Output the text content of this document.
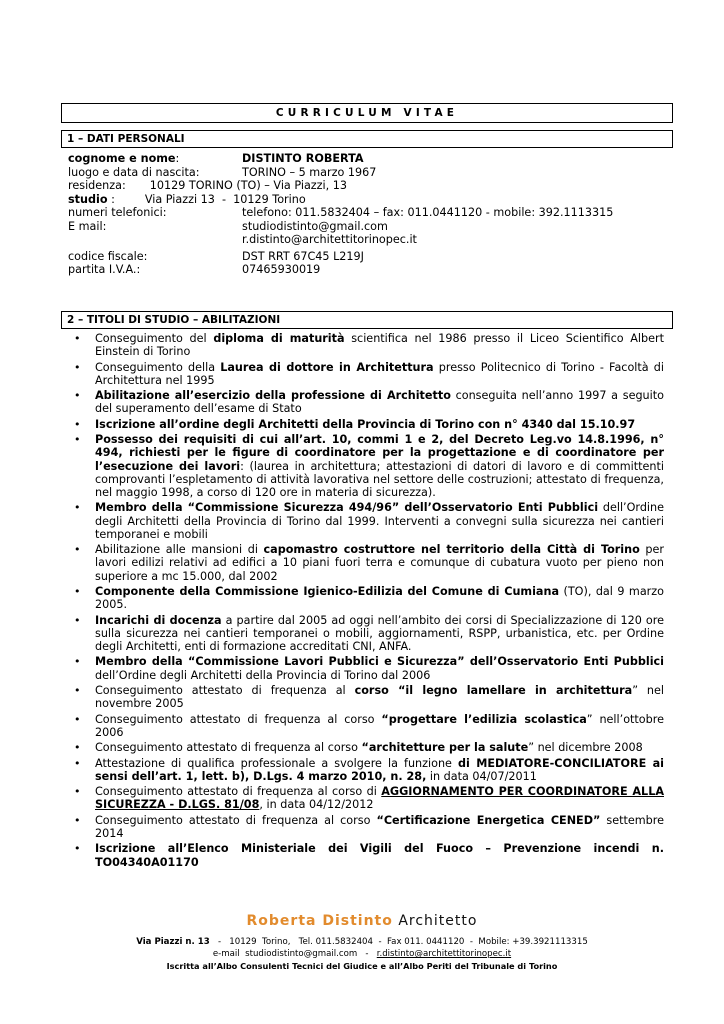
CURRICULUM VITAE
1 – DATI PERSONALI
cognome e nome:	DISTINTO ROBERTA
luogo e data di nascita:	TORINO – 5 marzo 1967
residenza: 10129 TORINO (TO) – Via Piazzi, 13
studio :	Via Piazzi 13  -  10129 Torino
numeri telefonici:	telefono: 011.5832404 – fax: 011.0441120 - mobile: 392.1113315
E mail:	studiodistinto@gmail.com
r.distinto@architettitorinopec.it
codice fiscale:	DST RRT 67C45 L219J
partita I.V.A.:	07465930019
2 – TITOLI DI STUDIO – ABILITAZIONI
• Conseguimento del diploma di maturità scientifica nel 1986 presso il Liceo Scientifico Albert Einstein di Torino
• Conseguimento della Laurea di dottore in Architettura presso Politecnico di Torino - Facoltà di Architettura nel 1995
• Abilitazione all’esercizio della professione di Architetto conseguita nell’anno 1997 a seguito del superamento dell’esame di Stato
• Iscrizione all’ordine degli Architetti della Provincia di Torino con n° 4340 dal 15.10.97
• Possesso dei requisiti di cui all’art. 10, commi 1 e 2, del Decreto Leg.vo 14.8.1996, n° 494, richiesti per le figure di coordinatore per la progettazione e di coordinatore per l’esecuzione dei lavori: (laurea in architettura; attestazioni di datori di lavoro e di committenti comprovanti l’espletamento di attività lavorativa nel settore delle costruzioni; attestato di frequenza, nel maggio 1998, a corso di 120 ore in materia di sicurezza).
• Membro della “Commissione Sicurezza 494/96” dell’Osservatorio Enti Pubblici dell’Ordine degli Architetti della Provincia di Torino dal 1999. Interventi a convegni sulla sicurezza nei cantieri temporanei e mobili
• Abilitazione alle mansioni di capomastro costruttore nel territorio della Città di Torino per lavori edilizi relativi ad edifici a 10 piani fuori terra e comunque di cubatura vuoto per pieno non superiore a mc 15.000, dal 2002
• Componente della Commissione Igienico-Edilizia del Comune di Cumiana (TO), dal 9 marzo 2005.
• Incarichi di docenza a partire dal 2005 ad oggi nell’ambito dei corsi di Specializzazione di 120 ore sulla sicurezza nei cantieri temporanei o mobili, aggiornamenti, RSPP, urbanistica, etc. per Ordine degli Architetti, enti di formazione accreditati CNI, ANFA.
• Membro della “Commissione Lavori Pubblici e Sicurezza” dell’Osservatorio Enti Pubblici dell’Ordine degli Architetti della Provincia di Torino dal 2006
• Conseguimento attestato di frequenza al corso “il legno lamellare in architettura” nel novembre 2005
• Conseguimento attestato di frequenza al corso “progettare l’edilizia scolastica” nell’ottobre 2006
• Conseguimento attestato di frequenza al corso “architetture per la salute” nel dicembre 2008
• Attestazione di qualifica professionale a svolgere la funzione di MEDIATORE-CONCILIATORE ai sensi dell’art. 1, lett. b), D.Lgs. 4 marzo 2010, n. 28, in data 04/07/2011
• Conseguimento attestato di frequenza al corso di AGGIORNAMENTO PER COORDINATORE ALLA SICUREZZA - D.LGS. 81/08, in data 04/12/2012
• Conseguimento attestato di frequenza al corso “Certificazione Energetica CENED” settembre 2014
• Iscrizione all’Elenco Ministeriale dei Vigili del Fuoco – Prevenzione incendi n. TO04340A01170
Roberta Distinto Architetto
Via Piazzi n. 13   -   10129  Torino,   Tel. 011.5832404  -  Fax 011. 0441120  -  Mobile: +39.3921113315
e-mail  studiodistinto@gmail.com   -   r.distinto@architettitorinopec.it
Iscritta all’Albo Consulenti Tecnici del Giudice e all’Albo Periti del Tribunale di Torino
